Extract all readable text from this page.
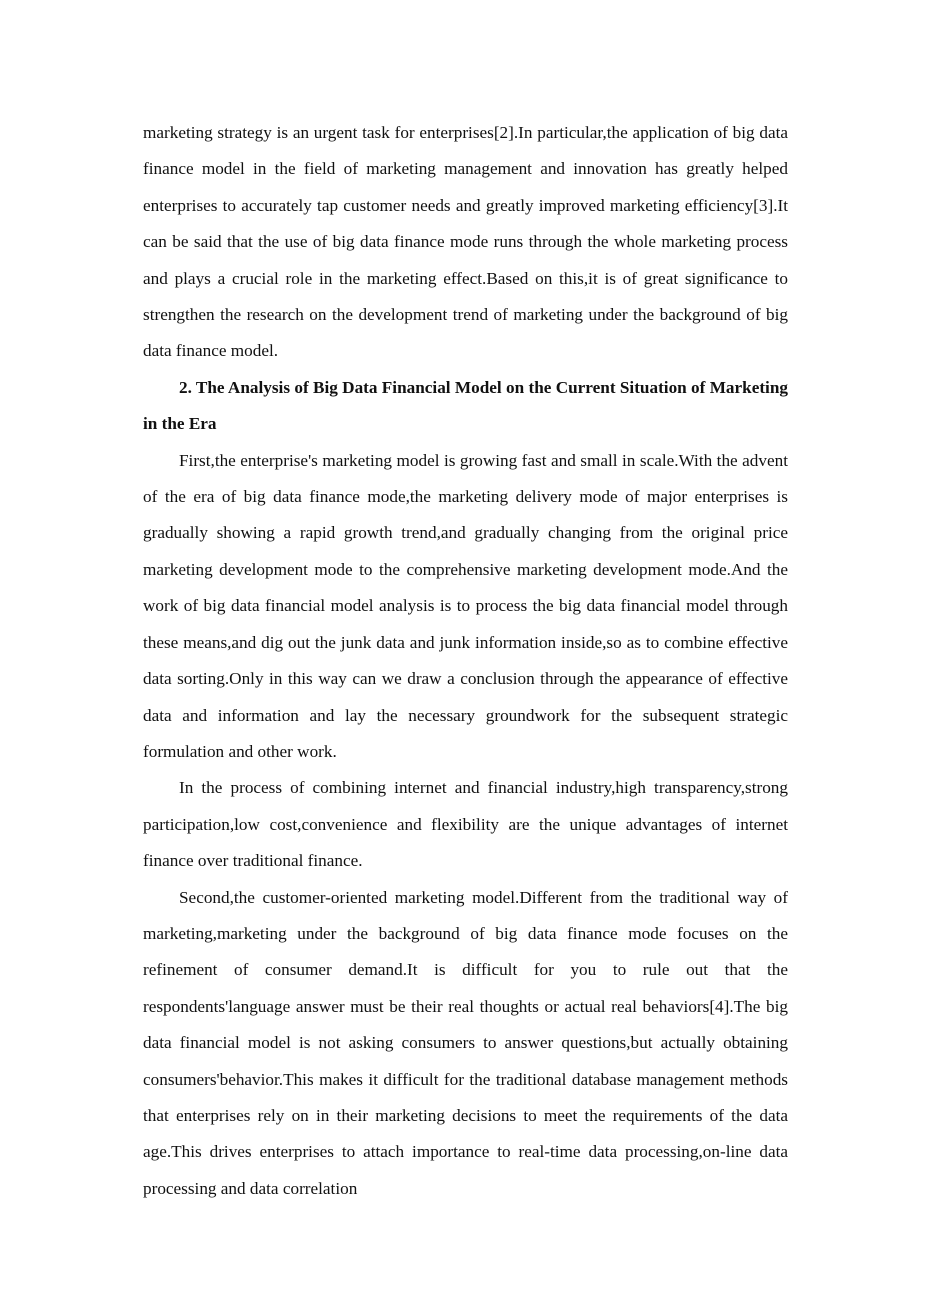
marketing strategy is an urgent task for enterprises[2].In particular,the application of big data finance model in the field of marketing management and innovation has greatly helped enterprises to accurately tap customer needs and greatly improved marketing efficiency[3].It can be said that the use of big data finance mode runs through the whole marketing process and plays a crucial role in the marketing effect.Based on this,it is of great significance to strengthen the research on the development trend of marketing under the background of big data finance model.

2. The Analysis of Big Data Financial Model on the Current Situation of Marketing in the Era

First,the enterprise's marketing model is growing fast and small in scale.With the advent of the era of big data finance mode,the marketing delivery mode of major enterprises is gradually showing a rapid growth trend,and gradually changing from the original price marketing development mode to the comprehensive marketing development mode.And the work of big data financial model analysis is to process the big data financial model through these means,and dig out the junk data and junk information inside,so as to combine effective data sorting.Only in this way can we draw a conclusion through the appearance of effective data and information and lay the necessary groundwork for the subsequent strategic formulation and other work.

In the process of combining internet and financial industry,high transparency,strong participation,low cost,convenience and flexibility are the unique advantages of internet finance over traditional finance.

Second,the customer-oriented marketing model.Different from the traditional way of marketing,marketing under the background of big data finance mode focuses on the refinement of consumer demand.It is difficult for you to rule out that the respondents'language answer must be their real thoughts or actual real behaviors[4].The big data financial model is not asking consumers to answer questions,but actually obtaining consumers'behavior.This makes it difficult for the traditional database management methods that enterprises rely on in their marketing decisions to meet the requirements of the data age.This drives enterprises to attach importance to real-time data processing,on-line data processing and data correlation
